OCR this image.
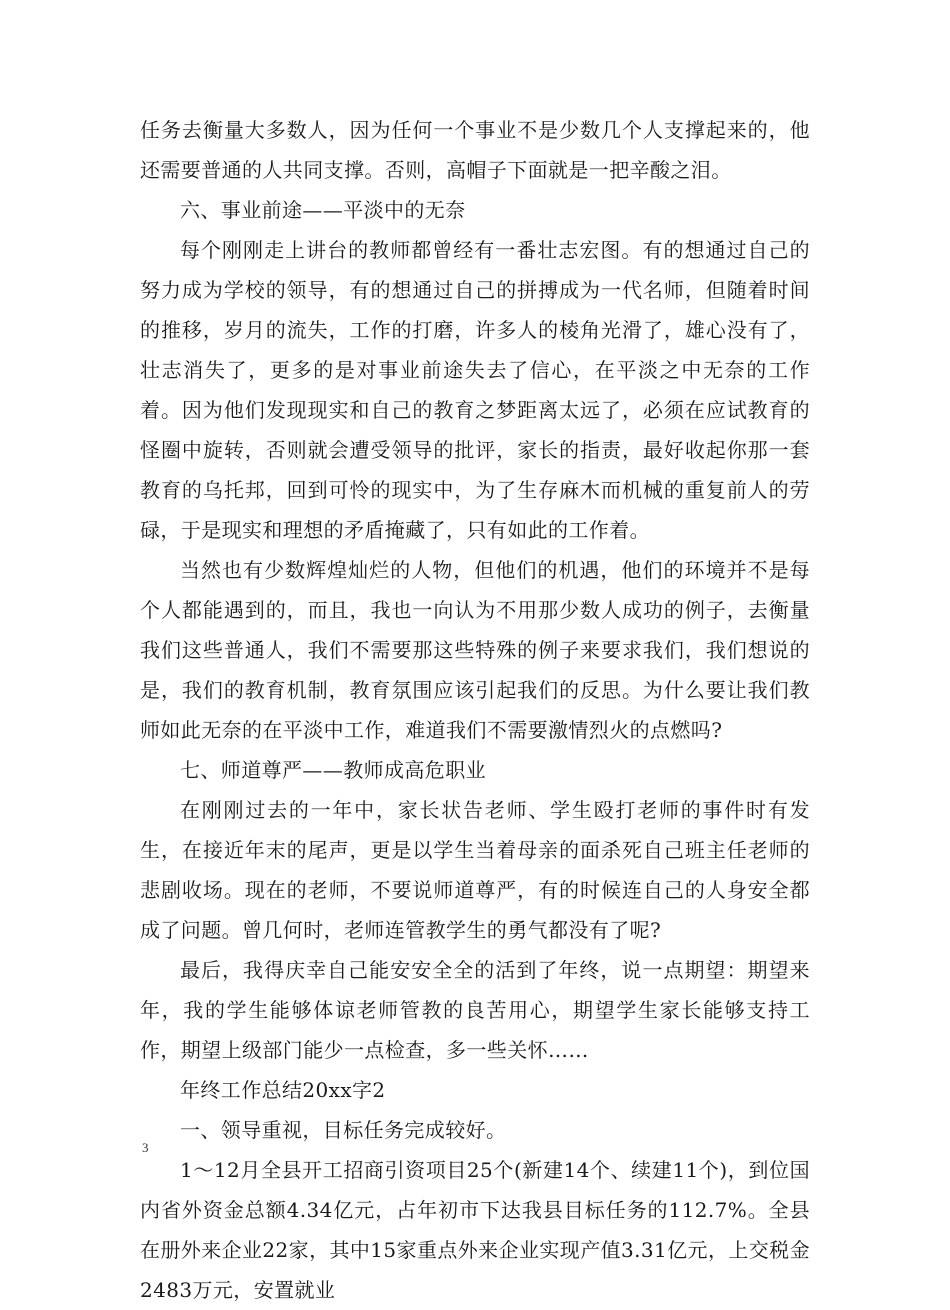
任务去衡量大多数人，因为任何一个事业不是少数几个人支撑起来的，他还需要普通的人共同支撑。否则，高帽子下面就是一把辛酸之泪。

六、事业前途——平淡中的无奈

每个刚刚走上讲台的教师都曾经有一番壮志宏图。有的想通过自己的努力成为学校的领导，有的想通过自己的拼搏成为一代名师，但随着时间的推移，岁月的流失，工作的打磨，许多人的棱角光滑了，雄心没有了，壮志消失了，更多的是对事业前途失去了信心，在平淡之中无奈的工作着。因为他们发现现实和自己的教育之梦距离太远了，必须在应试教育的怪圈中旋转，否则就会遭受领导的批评，家长的指责，最好收起你那一套教育的乌托邦，回到可怜的现实中，为了生存麻木而机械的重复前人的劳碌，于是现实和理想的矛盾掩藏了，只有如此的工作着。

当然也有少数辉煌灿烂的人物，但他们的机遇，他们的环境并不是每个人都能遇到的，而且，我也一向认为不用那少数人成功的例子，去衡量我们这些普通人，我们不需要那这些特殊的例子来要求我们，我们想说的是，我们的教育机制，教育氛围应该引起我们的反思。为什么要让我们教师如此无奈的在平淡中工作，难道我们不需要激情烈火的点燃吗?

七、师道尊严——教师成高危职业

在刚刚过去的一年中，家长状告老师、学生殴打老师的事件时有发生，在接近年末的尾声，更是以学生当着母亲的面杀死自己班主任老师的悲剧收场。现在的老师，不要说师道尊严，有的时候连自己的人身安全都成了问题。曾几何时，老师连管教学生的勇气都没有了呢?

最后，我得庆幸自己能安安全全的活到了年终，说一点期望：期望来年，我的学生能够体谅老师管教的良苦用心，期望学生家长能够支持工作，期望上级部门能少一点检查，多一些关怀……

年终工作总结20xx字2

一、领导重视，目标任务完成较好。

1～12月全县开工招商引资项目25个(新建14个、续建11个)，到位国内省外资金总额4.34亿元，占年初市下达我县目标任务的112.7%。全县在册外来企业22家，其中15家重点外来企业实现产值3.31亿元，上交税金2483万元，安置就业

3
